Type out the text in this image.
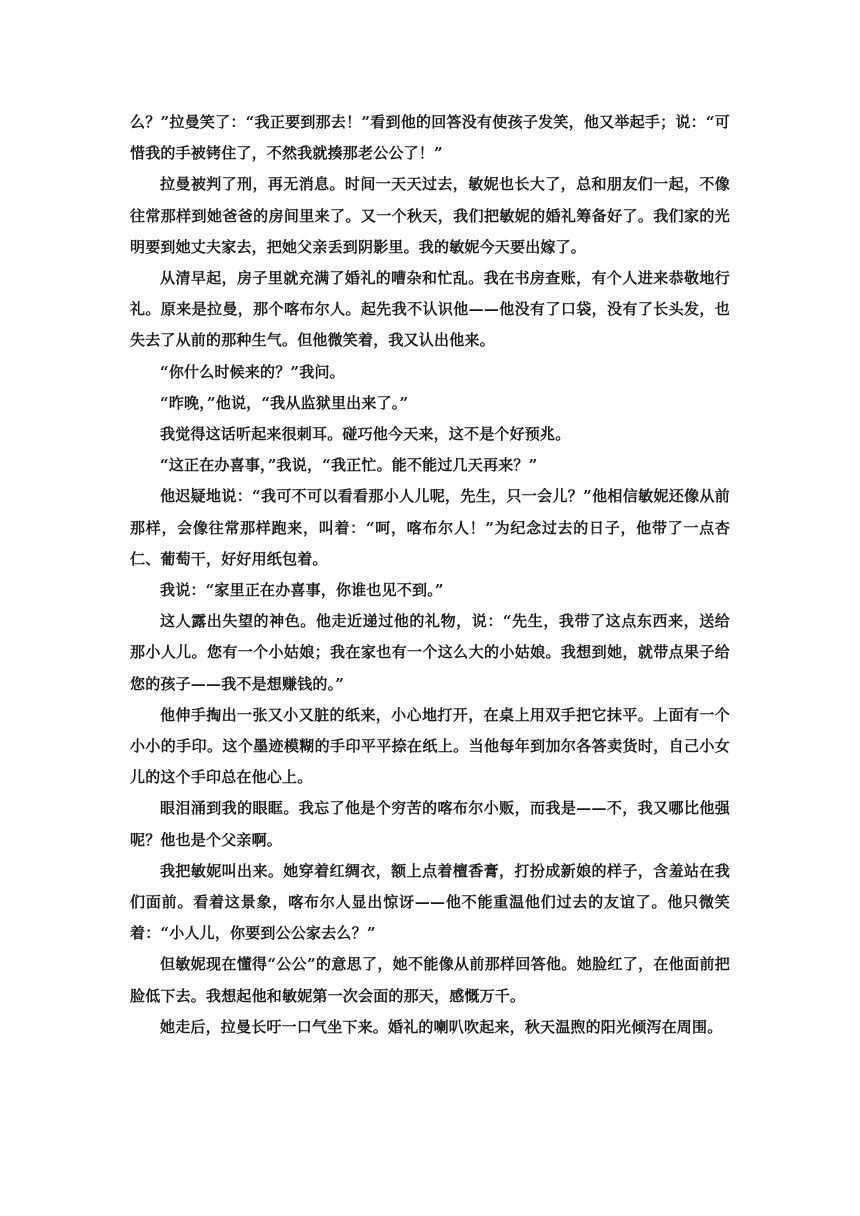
么？”拉曼笑了：“我正要到那去！”看到他的回答没有使孩子发笑，他又举起手；说：“可惜我的手被铐住了，不然我就揍那老公公了！”

拉曼被判了刑，再无消息。时间一天天过去，敏妮也长大了，总和朋友们一起，不像往常那样到她爸爸的房间里来了。又一个秋天，我们把敏妮的婚礼筹备好了。我们家的光明要到她丈夫家去，把她父亲丢到阴影里。我的敏妮今天要出嫁了。

从清早起，房子里就充满了婚礼的嘈杂和忙乱。我在书房查账，有个人进来恭敬地行礼。原来是拉曼，那个喀布尔人。起先我不认识他——他没有了口袋，没有了长头发，也失去了从前的那种生气。但他微笑着，我又认出他来。

“你什么时候来的？”我问。

“昨晚，”他说，“我从监狱里出来了。”

我觉得这话听起来很刺耳。碰巧他今天来，这不是个好预兆。

“这正在办喜事，”我说，“我正忙。能不能过几天再来？”

他迟疑地说：“我可不可以看看那小人儿呢，先生，只一会儿？”他相信敏妮还像从前那样，会像往常那样跑来，叫着：“呵，喀布尔人！”为纪念过去的日子，他带了一点杏仁、葡萄干，好好用纸包着。

我说：“家里正在办喜事，你谁也见不到。”

这人露出失望的神色。他走近递过他的礼物，说：“先生，我带了这点东西来，送给那小人儿。您有一个小姑娘；我在家也有一个这么大的小姑娘。我想到她，就带点果子给您的孩子——我不是想赚钱的。”

他伸手掏出一张又小又脏的纸来，小心地打开，在桌上用双手把它抹平。上面有一个小小的手印。这个墨迹模糊的手印平平捺在纸上。当他每年到加尔各答卖货时，自己小女儿的这个手印总在他心上。

眼泪涌到我的眼眶。我忘了他是个穷苦的喀布尔小贩，而我是——不，我又哪比他强呢？他也是个父亲啊。

我把敏妮叫出来。她穿着红绸衣，额上点着檀香膏，打扮成新娘的样子，含羞站在我们面前。看着这景象，喀布尔人显出惊讶——他不能重温他们过去的友谊了。他只微笑着：“小人儿，你要到公公家去么？”

但敏妮现在懂得“公公”的意思了，她不能像从前那样回答他。她脸红了，在他面前把脸低下去。我想起他和敏妮第一次会面的那天，感慨万千。

她走后，拉曼长吁一口气坐下来。婚礼的喇叭吹起来，秋天温煦的阳光倾泻在周围。
